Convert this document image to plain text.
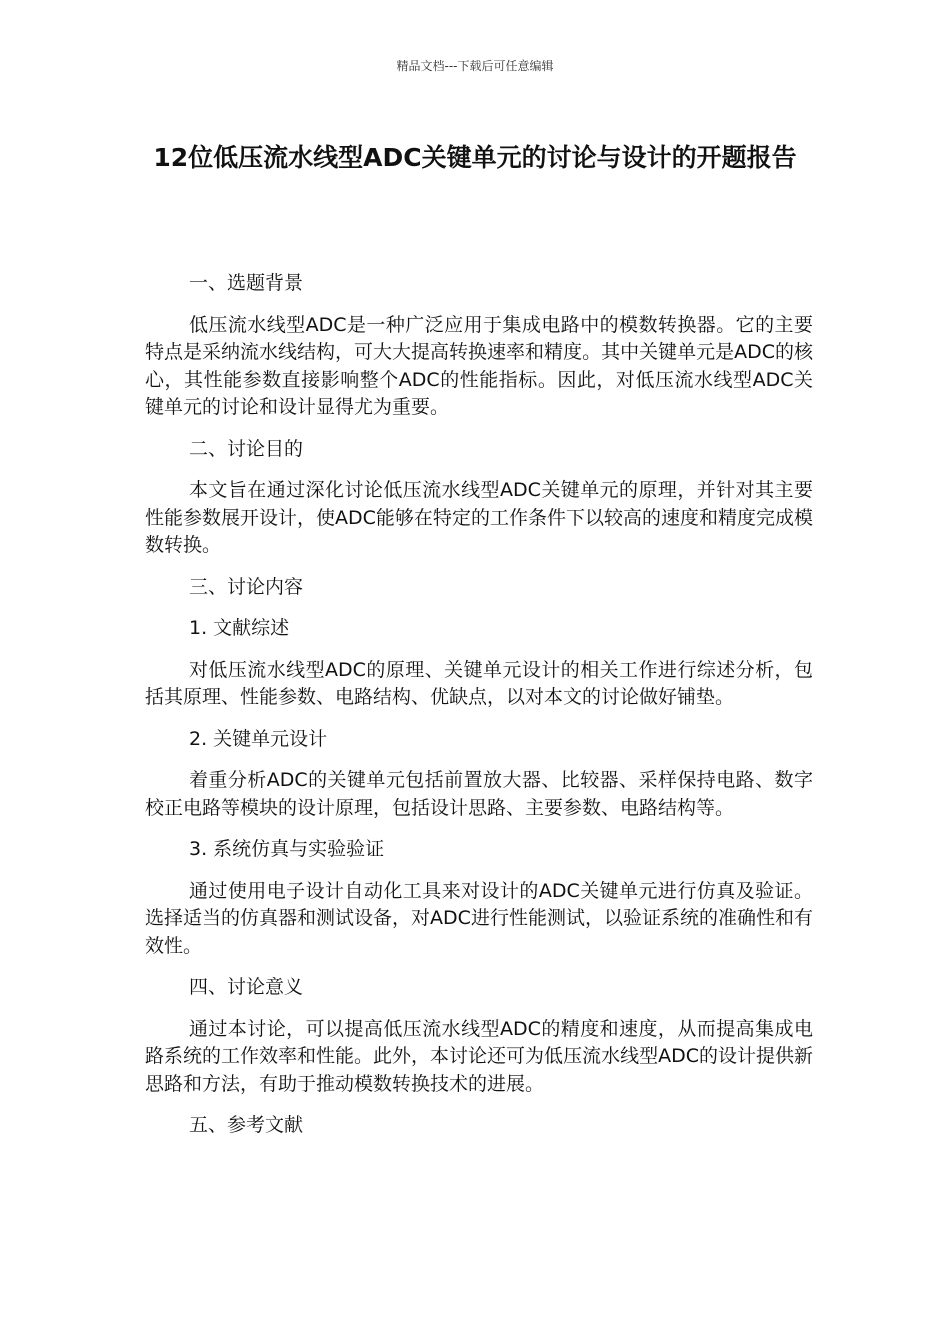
精品文档---下载后可任意编辑
12位低压流水线型ADC关键单元的讨论与设计的开题报告
一、选题背景
低压流水线型ADC是一种广泛应用于集成电路中的模数转换器。它的主要特点是采纳流水线结构，可大大提高转换速率和精度。其中关键单元是ADC的核心，其性能参数直接影响整个ADC的性能指标。因此，对低压流水线型ADC关键单元的讨论和设计显得尤为重要。
二、讨论目的
本文旨在通过深化讨论低压流水线型ADC关键单元的原理，并针对其主要性能参数展开设计，使ADC能够在特定的工作条件下以较高的速度和精度完成模数转换。
三、讨论内容
1. 文献综述
对低压流水线型ADC的原理、关键单元设计的相关工作进行综述分析，包括其原理、性能参数、电路结构、优缺点，以对本文的讨论做好铺垫。
2. 关键单元设计
着重分析ADC的关键单元包括前置放大器、比较器、采样保持电路、数字校正电路等模块的设计原理，包括设计思路、主要参数、电路结构等。
3. 系统仿真与实验验证
通过使用电子设计自动化工具来对设计的ADC关键单元进行仿真及验证。选择适当的仿真器和测试设备，对ADC进行性能测试，以验证系统的准确性和有效性。
四、讨论意义
通过本讨论，可以提高低压流水线型ADC的精度和速度，从而提高集成电路系统的工作效率和性能。此外，本讨论还可为低压流水线型ADC的设计提供新思路和方法，有助于推动模数转换技术的进展。
五、参考文献
